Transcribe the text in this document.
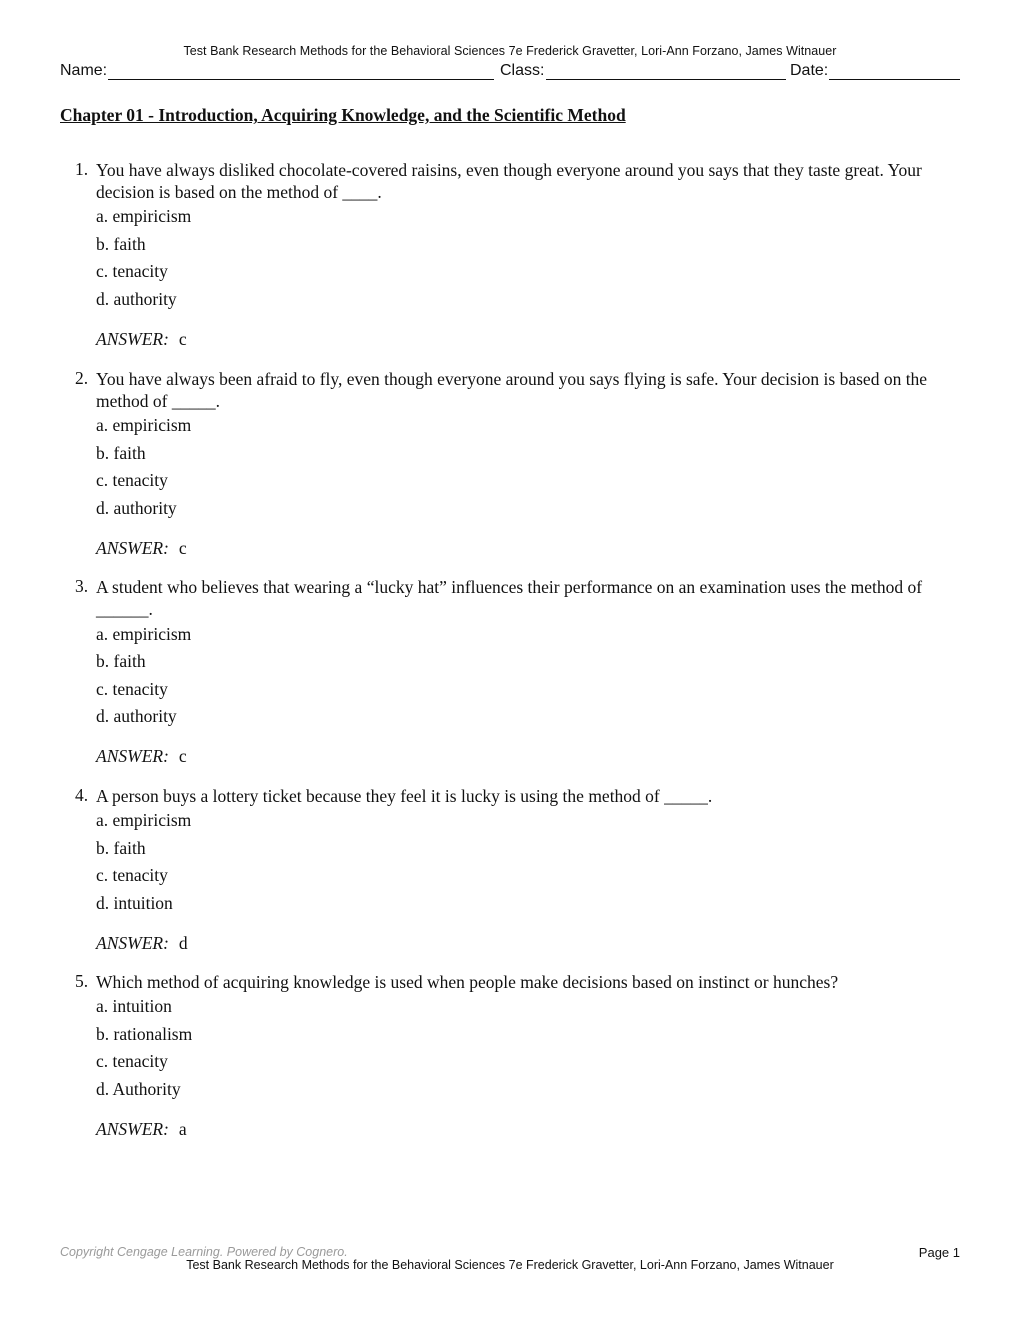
Test Bank Research Methods for the Behavioral Sciences 7e Frederick Gravetter, Lori-Ann Forzano, James Witnauer
Name:	Class:	Date:
Chapter 01 - Introduction, Acquiring Knowledge, and the Scientific Method
1. You have always disliked chocolate-covered raisins, even though everyone around you says that they taste great. Your decision is based on the method of ____.
a. empiricism
b. faith
c. tenacity
d. authority
ANSWER: c
2. You have always been afraid to fly, even though everyone around you says flying is safe. Your decision is based on the method of _____.
a. empiricism
b. faith
c. tenacity
d. authority
ANSWER: c
3. A student who believes that wearing a “lucky hat” influences their performance on an examination uses the method of ______.
a. empiricism
b. faith
c. tenacity
d. authority
ANSWER: c
4. A person buys a lottery ticket because they feel it is lucky is using the method of _____.
a. empiricism
b. faith
c. tenacity
d. intuition
ANSWER: d
5. Which method of acquiring knowledge is used when people make decisions based on instinct or hunches?
a. intuition
b. rationalism
c. tenacity
d. Authority
ANSWER: a
Copyright Cengage Learning. Powered by Cognero.	Page 1
Test Bank Research Methods for the Behavioral Sciences 7e Frederick Gravetter, Lori-Ann Forzano, James Witnauer
